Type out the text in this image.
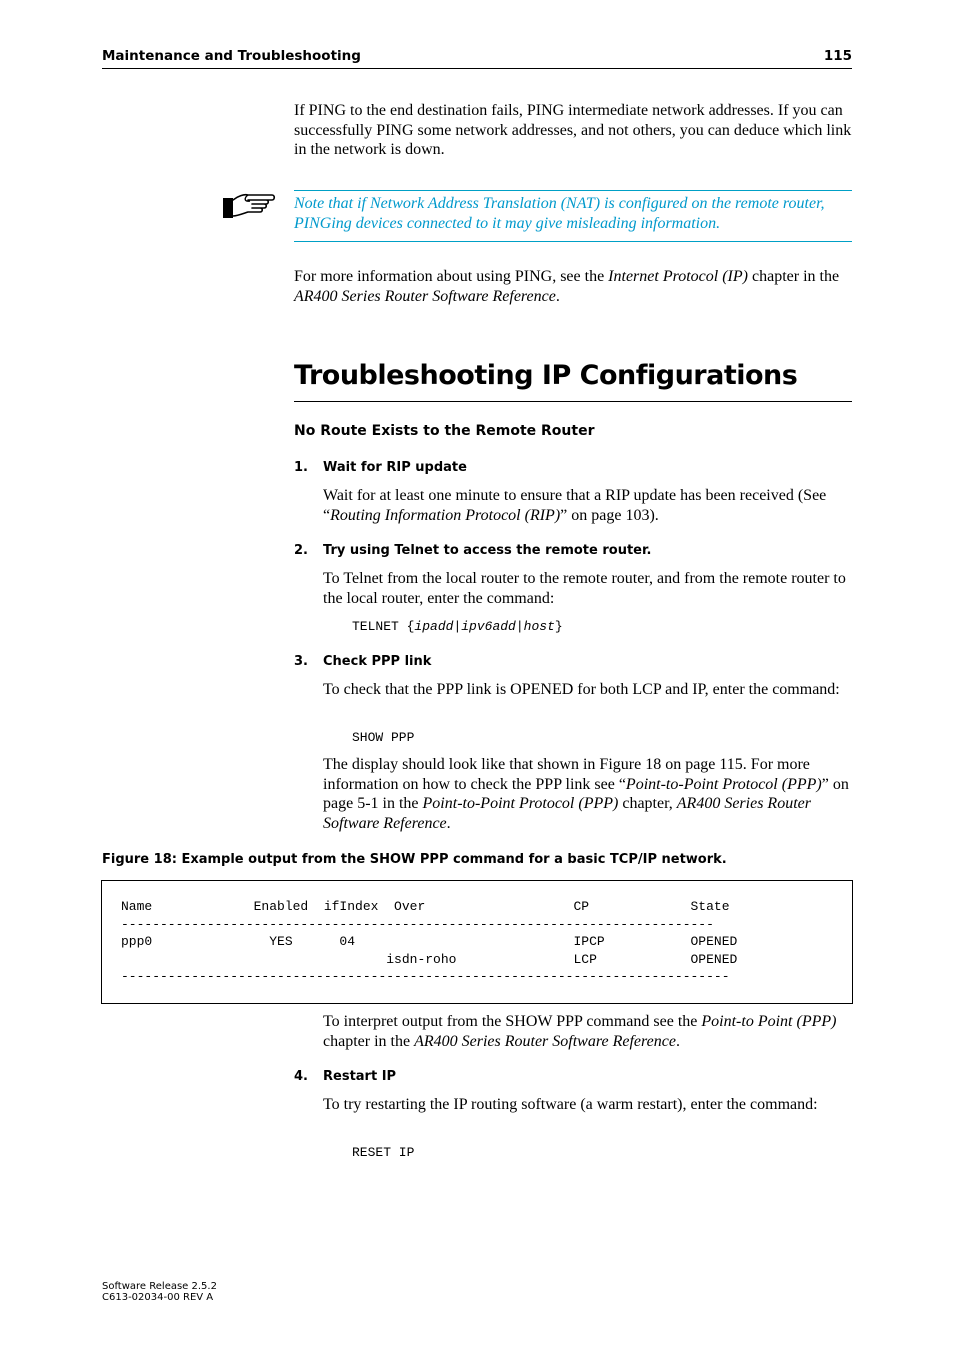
Maintenance and Troubleshooting	115

If PING to the end destination fails, PING intermediate network addresses. If you can successfully PING some network addresses, and not others, you can deduce which link in the network is down.

Note that if Network Address Translation (NAT) is configured on the remote router, PINGing devices connected to it may give misleading information.

For more information about using PING, see the Internet Protocol (IP) chapter in the AR400 Series Router Software Reference.

Troubleshooting IP Configurations
No Route Exists to the Remote Router
1. Wait for RIP update

Wait for at least one minute to ensure that a RIP update has been received (See “Routing Information Protocol (RIP)” on page 103).

2. Try using Telnet to access the remote router.

To Telnet from the local router to the remote router, and from the remote router to the local router, enter the command:

TELNET {ipadd|ipv6add|host}
3. Check PPP link

To check that the PPP link is OPENED for both LCP and IP, enter the command:

SHOW PPP

The display should look like that shown in Figure 18 on page 115. For more information on how to check the PPP link see “Point-to-Point Protocol (PPP)” on page 5-1 in the Point-to-Point Protocol (PPP) chapter, AR400 Series Router Software Reference.

Figure 18: Example output from the SHOW PPP command for a basic TCP/IP network.
Name             Enabled  ifIndex  Over                   CP             State
----------------------------------------------------------------------------
ppp0               YES      04                            IPCP           OPENED
isdn-roho               LCP            OPENED
------------------------------------------------------------------------------

To interpret output from the SHOW PPP command see the Point-to Point (PPP) chapter in the AR400 Series Router Software Reference.

4. Restart IP

To try restarting the IP routing software (a warm restart), enter the command:

RESET IP
Software Release 2.5.2
C613-02034-00 REV A
